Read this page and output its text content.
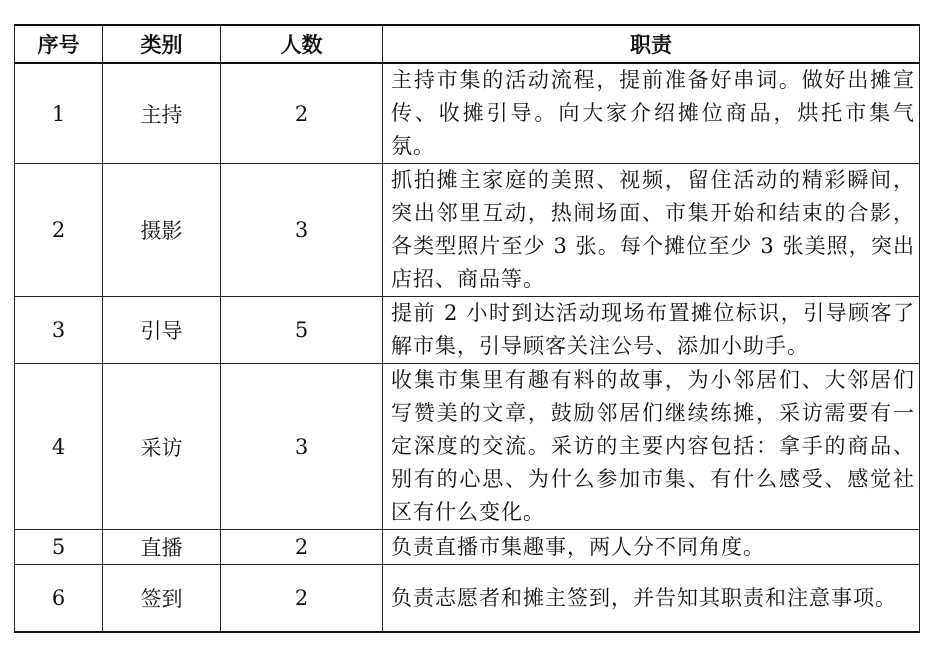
序号	类别	人数	职责
1	主持	2	主持市集的活动流程，提前准备好串词。做好出摊宣传、收摊引导。向大家介绍摊位商品，烘托市集气氛。
2	摄影	3	抓拍摊主家庭的美照、视频，留住活动的精彩瞬间，突出邻里互动，热闹场面、市集开始和结束的合影，各类型照片至少 3 张。每个摊位至少 3 张美照，突出店招、商品等。
3	引导	5	提前 2 小时到达活动现场布置摊位标识，引导顾客了解市集，引导顾客关注公号、添加小助手。
4	采访	3	收集市集里有趣有料的故事，为小邻居们、大邻居们写赞美的文章，鼓励邻居们继续练摊，采访需要有一定深度的交流。采访的主要内容包括：拿手的商品、别有的心思、为什么参加市集、有什么感受、感觉社区有什么变化。
5	直播	2	负责直播市集趣事，两人分不同角度。
6	签到	2	负责志愿者和摊主签到，并告知其职责和注意事项。
